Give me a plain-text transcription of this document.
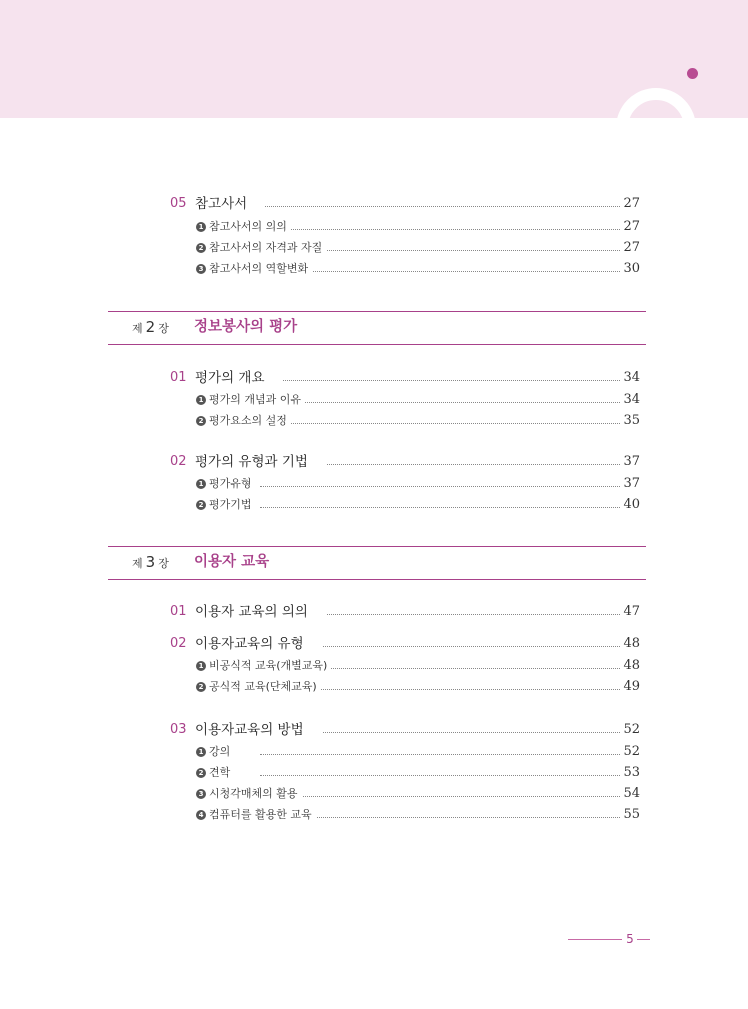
05 참고사서	27
1 참고사서의 의의	27
2 참고사서의 자격과 자질	27
3 참고사서의 역할변화	30
제 2 장 정보봉사의 평가
01 평가의 개요	34
1 평가의 개념과 이유	34
2 평가요소의 설정	35
02 평가의 유형과 기법	37
1 평가유형	37
2 평가기법	40
제 3 장 이용자 교육
01 이용자 교육의 의의	47
02 이용자교육의 유형	48
1 비공식적 교육(개별교육)	48
2 공식적 교육(단체교육)	49
03 이용자교육의 방법	52
1 강의	52
2 견학	53
3 시청각매체의 활용	54
4 컴퓨터를 활용한 교육	55
5
